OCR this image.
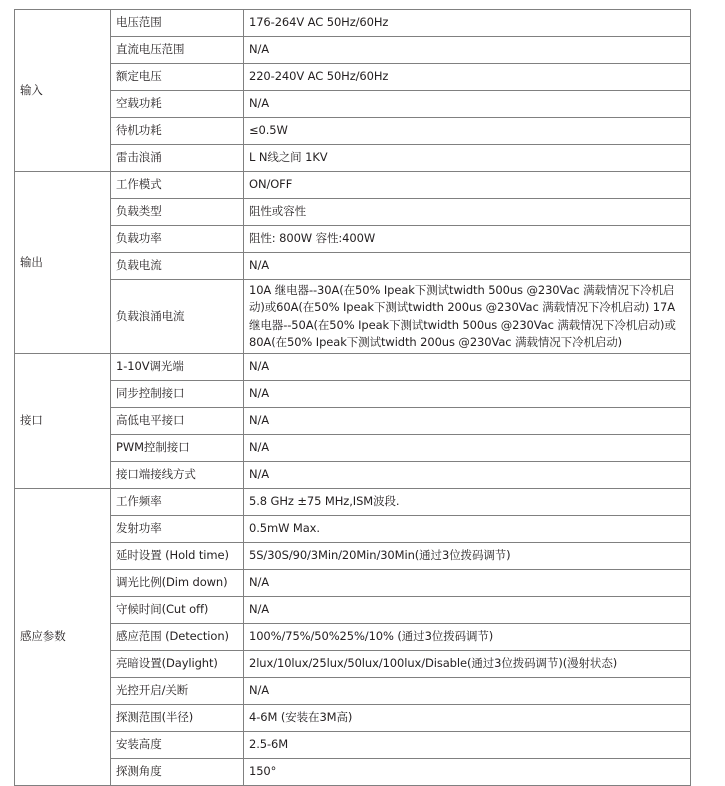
输入	电压范围	176-264V AC 50Hz/60Hz
	直流电压范围	N/A
	额定电压	220-240V AC 50Hz/60Hz
	空载功耗	N/A
	待机功耗	≤0.5W
	雷击浪涌	L N线之间 1KV
输出	工作模式	ON/OFF
	负载类型	阻性或容性
	负载功率	阻性: 800W 容性:400W
	负载电流	N/A
	负载浪涌电流	10A 继电器--30A(在50% Ipeak下测试twidth 500us @230Vac 满载情况下冷机启动)或60A(在50% Ipeak下测试twidth 200us @230Vac 满载情况下冷机启动) 17A 继电器--50A(在50% Ipeak下测试twidth 500us @230Vac 满载情况下冷机启动)或80A(在50% Ipeak下测试twidth 200us @230Vac 满载情况下冷机启动)
接口	1-10V调光端	N/A
	同步控制接口	N/A
	高低电平接口	N/A
	PWM控制接口	N/A
	接口端接线方式	N/A
感应参数	工作频率	5.8 GHz ±75 MHz,ISM波段.
	发射功率	0.5mW Max.
	延时设置 (Hold time)	5S/30S/90/3Min/20Min/30Min(通过3位拨码调节)
	调光比例(Dim down)	N/A
	守候时间(Cut off)	N/A
	感应范围 (Detection)	100%/75%/50%25%/10% (通过3位拨码调节)
	亮暗设置(Daylight)	2lux/10lux/25lux/50lux/100lux/Disable(通过3位拨码调节)(漫射状态)
	光控开启/关断	N/A
	探测范围(半径)	4-6M (安装在3M高)
	安装高度	2.5-6M
	探测角度	150°
